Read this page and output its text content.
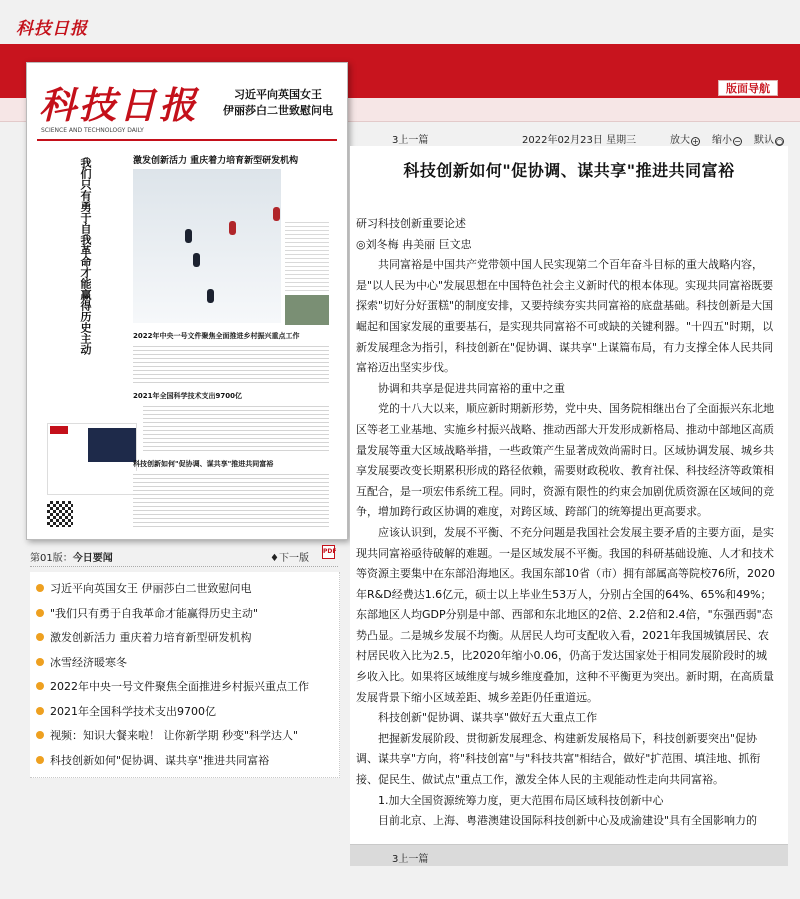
科技日报
版面导航
科技日报
SCIENCE AND TECHNOLOGY DAILY
习近平向英国女王
伊丽莎白二世致慰问电
我们只有勇于自我革命才能赢得历史主动	激发创新活力 重庆着力培育新型研发机构
2022年中央一号文件聚焦全面推进乡村振兴重点工作
2021年全国科学技术支出9700亿
科技创新如何"促协调、谋共享"推进共同富裕
第01版：今日要闻	♦下一版
PDF
习近平向英国女王 伊丽莎白二世致慰问电
"我们只有勇于自我革命才能赢得历史主动"
激发创新活力 重庆着力培育新型研发机构
冰雪经济暖寒冬
2022年中央一号文件聚焦全面推进乡村振兴重点工作
2021年全国科学技术支出9700亿
视频：知识大餐来啦！ 让你新学期 秒变"科学达人"
科技创新如何"促协调、谋共享"推进共同富裕
3上一篇	2022年02月23日 星期三	放大 + 缩小 − 默认 ○
科技创新如何"促协调、谋共享"推进共同富裕

研习科技创新重要论述

◎刘冬梅 冉美丽 巨文忠

共同富裕是中国共产党带领中国人民实现第二个百年奋斗目标的重大战略内容，是"以人民为中心"发展思想在中国特色社会主义新时代的根本体现。实现共同富裕既要探索"切好分好蛋糕"的制度安排，又要持续夯实共同富裕的底盘基础。科技创新是大国崛起和国家发展的重要基石，是实现共同富裕不可或缺的关键利器。"十四五"时期，以新发展理念为指引，科技创新在"促协调、谋共享"上谋篇布局，有力支撑全体人民共同富裕迈出坚实步伐。

协调和共享是促进共同富裕的重中之重

党的十八大以来，顺应新时期新形势，党中央、国务院相继出台了全面振兴东北地区等老工业基地、实施乡村振兴战略、推动西部大开发形成新格局、推动中部地区高质量发展等重大区域战略举措，一些政策产生显著成效尚需时日。区域协调发展、城乡共享发展要改变长期累积形成的路径依赖，需要财政税收、教育社保、科技经济等政策相互配合，是一项宏伟系统工程。同时，资源有限性的约束会加剧优质资源在区域间的竞争，增加跨行政区协调的难度，对跨区域、跨部门的统筹提出更高要求。

应该认识到，发展不平衡、不充分问题是我国社会发展主要矛盾的主要方面，是实现共同富裕亟待破解的难题。一是区域发展不平衡。我国的科研基础设施、人才和技术等资源主要集中在东部沿海地区。我国东部10省（市）拥有部属高等院校76所，2020年R&D经费达1.6亿元，硕士以上毕业生53万人，分别占全国的64%、65%和49%；东部地区人均GDP分别是中部、西部和东北地区的2倍、2.2倍和2.4倍，"东强西弱"态势凸显。二是城乡发展不均衡。从居民人均可支配收入看，2021年我国城镇居民、农村居民收入比为2.5，比2020年缩小0.06，仍高于发达国家处于相同发展阶段时的城乡收入比。如果将区域维度与城乡维度叠加，这种不平衡更为突出。新时期，在高质量发展背景下缩小区域差距、城乡差距仍任重道远。

科技创新"促协调、谋共享"做好五大重点工作

把握新发展阶段、贯彻新发展理念、构建新发展格局下，科技创新要突出"促协调、谋共享"方向，将"科技创富"与"科技共富"相结合，做好"扩范围、填洼地、抓衔接、促民生、做试点"重点工作，激发全体人民的主观能动性走向共同富裕。

1.加大全国资源统筹力度，更大范围布局区域科技创新中心

目前北京、上海、粤港澳建设国际科技创新中心及成渝建设"具有全国影响力的

3上一篇
